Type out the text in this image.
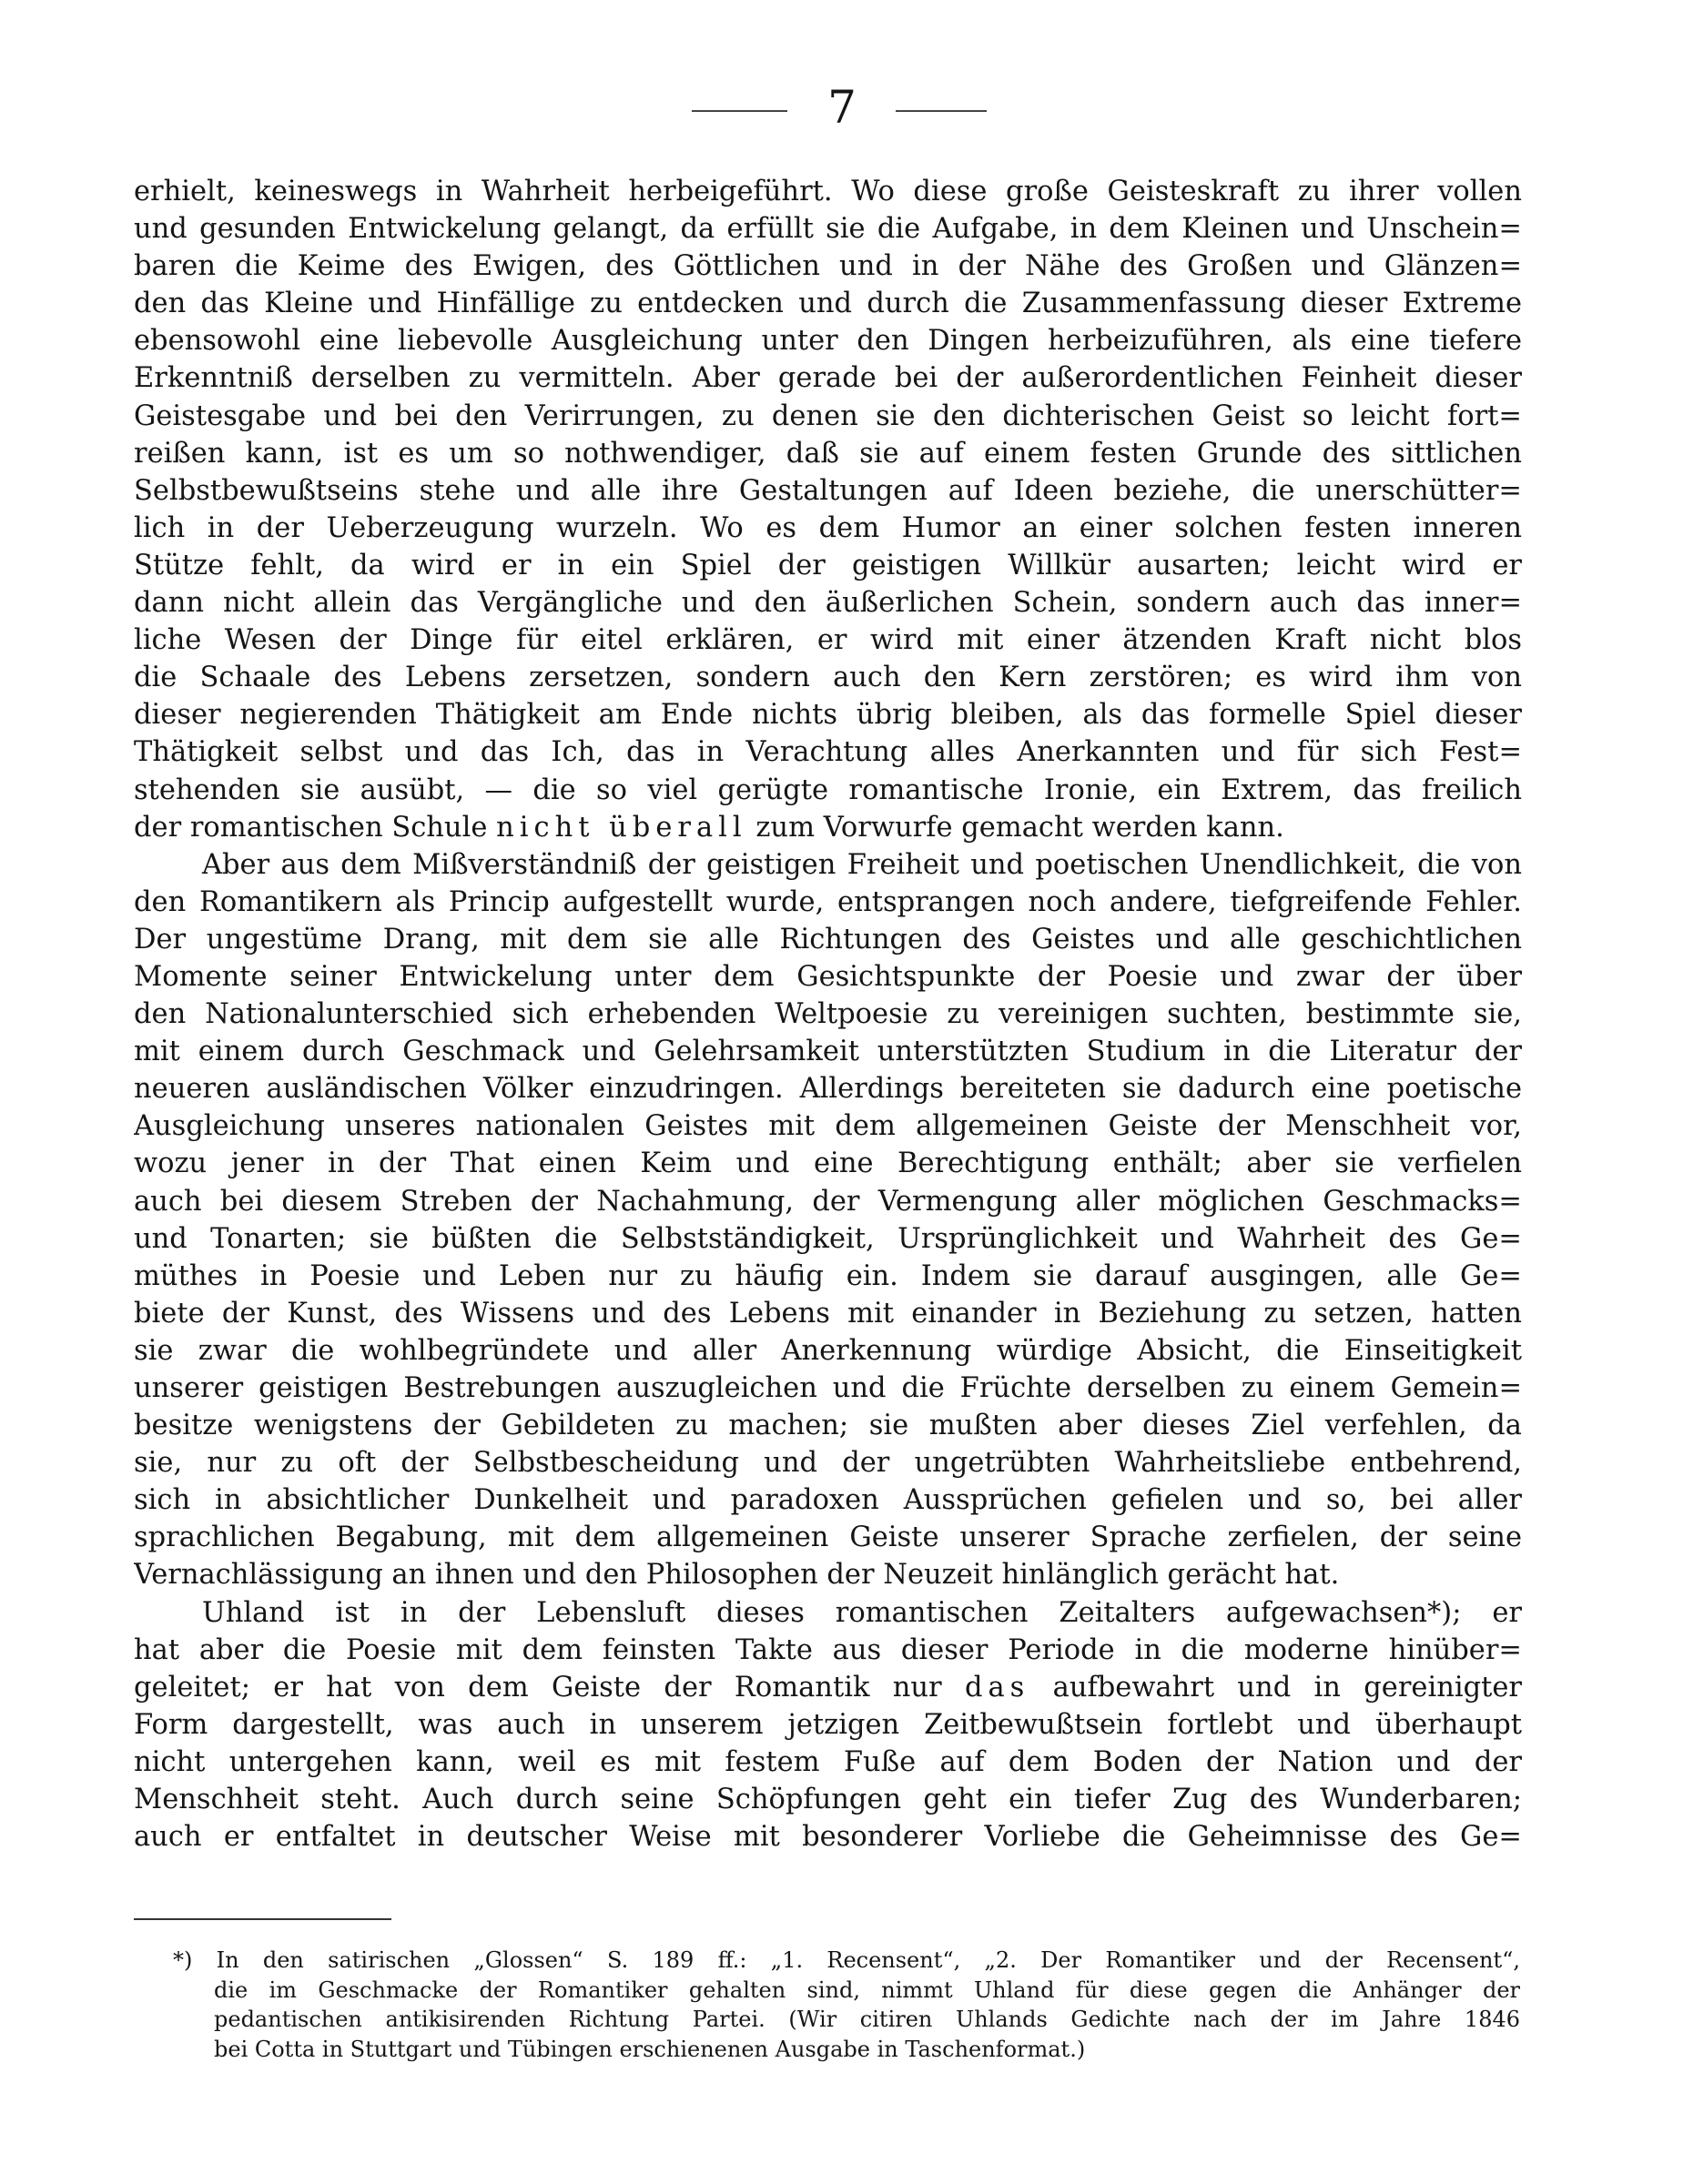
7
erhielt, keineswegs in Wahrheit herbeigeführt. Wo diese große Geisteskraft zu ihrer vollen
und gesunden Entwickelung gelangt, da erfüllt sie die Aufgabe, in dem Kleinen und Unschein=
baren die Keime des Ewigen, des Göttlichen und in der Nähe des Großen und Glänzen=
den das Kleine und Hinfällige zu entdecken und durch die Zusammenfassung dieser Extreme
ebensowohl eine liebevolle Ausgleichung unter den Dingen herbeizuführen, als eine tiefere
Erkenntniß derselben zu vermitteln. Aber gerade bei der außerordentlichen Feinheit dieser
Geistesgabe und bei den Verirrungen, zu denen sie den dichterischen Geist so leicht fort=
reißen kann, ist es um so nothwendiger, daß sie auf einem festen Grunde des sittlichen
Selbstbewußtseins stehe und alle ihre Gestaltungen auf Ideen beziehe, die unerschütter=
lich in der Ueberzeugung wurzeln. Wo es dem Humor an einer solchen festen inneren
Stütze fehlt, da wird er in ein Spiel der geistigen Willkür ausarten; leicht wird er
dann nicht allein das Vergängliche und den äußerlichen Schein, sondern auch das inner=
liche Wesen der Dinge für eitel erklären, er wird mit einer ätzenden Kraft nicht blos
die Schaale des Lebens zersetzen, sondern auch den Kern zerstören; es wird ihm von
dieser negierenden Thätigkeit am Ende nichts übrig bleiben, als das formelle Spiel dieser
Thätigkeit selbst und das Ich, das in Verachtung alles Anerkannten und für sich Fest=
stehenden sie ausübt, — die so viel gerügte romantische Ironie, ein Extrem, das freilich
der romantischen Schule nicht überall zum Vorwurfe gemacht werden kann.
Aber aus dem Mißverständniß der geistigen Freiheit und poetischen Unendlichkeit, die von
den Romantikern als Princip aufgestellt wurde, entsprangen noch andere, tiefgreifende Fehler.
Der ungestüme Drang, mit dem sie alle Richtungen des Geistes und alle geschichtlichen
Momente seiner Entwickelung unter dem Gesichtspunkte der Poesie und zwar der über
den Nationalunterschied sich erhebenden Weltpoesie zu vereinigen suchten, bestimmte sie,
mit einem durch Geschmack und Gelehrsamkeit unterstützten Studium in die Literatur der
neueren ausländischen Völker einzudringen. Allerdings bereiteten sie dadurch eine poetische
Ausgleichung unseres nationalen Geistes mit dem allgemeinen Geiste der Menschheit vor,
wozu jener in der That einen Keim und eine Berechtigung enthält; aber sie verfielen
auch bei diesem Streben der Nachahmung, der Vermengung aller möglichen Geschmacks=
und Tonarten; sie büßten die Selbstständigkeit, Ursprünglichkeit und Wahrheit des Ge=
müthes in Poesie und Leben nur zu häufig ein. Indem sie darauf ausgingen, alle Ge=
biete der Kunst, des Wissens und des Lebens mit einander in Beziehung zu setzen, hatten
sie zwar die wohlbegründete und aller Anerkennung würdige Absicht, die Einseitigkeit
unserer geistigen Bestrebungen auszugleichen und die Früchte derselben zu einem Gemein=
besitze wenigstens der Gebildeten zu machen; sie mußten aber dieses Ziel verfehlen, da
sie, nur zu oft der Selbstbescheidung und der ungetrübten Wahrheitsliebe entbehrend,
sich in absichtlicher Dunkelheit und paradoxen Aussprüchen gefielen und so, bei aller
sprachlichen Begabung, mit dem allgemeinen Geiste unserer Sprache zerfielen, der seine
Vernachlässigung an ihnen und den Philosophen der Neuzeit hinlänglich gerächt hat.
Uhland ist in der Lebensluft dieses romantischen Zeitalters aufgewachsen*); er
hat aber die Poesie mit dem feinsten Takte aus dieser Periode in die moderne hinüber=
geleitet; er hat von dem Geiste der Romantik nur das aufbewahrt und in gereinigter
Form dargestellt, was auch in unserem jetzigen Zeitbewußtsein fortlebt und überhaupt
nicht untergehen kann, weil es mit festem Fuße auf dem Boden der Nation und der
Menschheit steht. Auch durch seine Schöpfungen geht ein tiefer Zug des Wunderbaren;
auch er entfaltet in deutscher Weise mit besonderer Vorliebe die Geheimnisse des Ge=
*) In den satirischen „Glossen“ S. 189 ff.: „1. Recensent“, „2. Der Romantiker und der Recensent“,
die im Geschmacke der Romantiker gehalten sind, nimmt Uhland für diese gegen die Anhänger der
pedantischen antikisirenden Richtung Partei. (Wir citiren Uhlands Gedichte nach der im Jahre 1846
bei Cotta in Stuttgart und Tübingen erschienenen Ausgabe in Taschenformat.)
